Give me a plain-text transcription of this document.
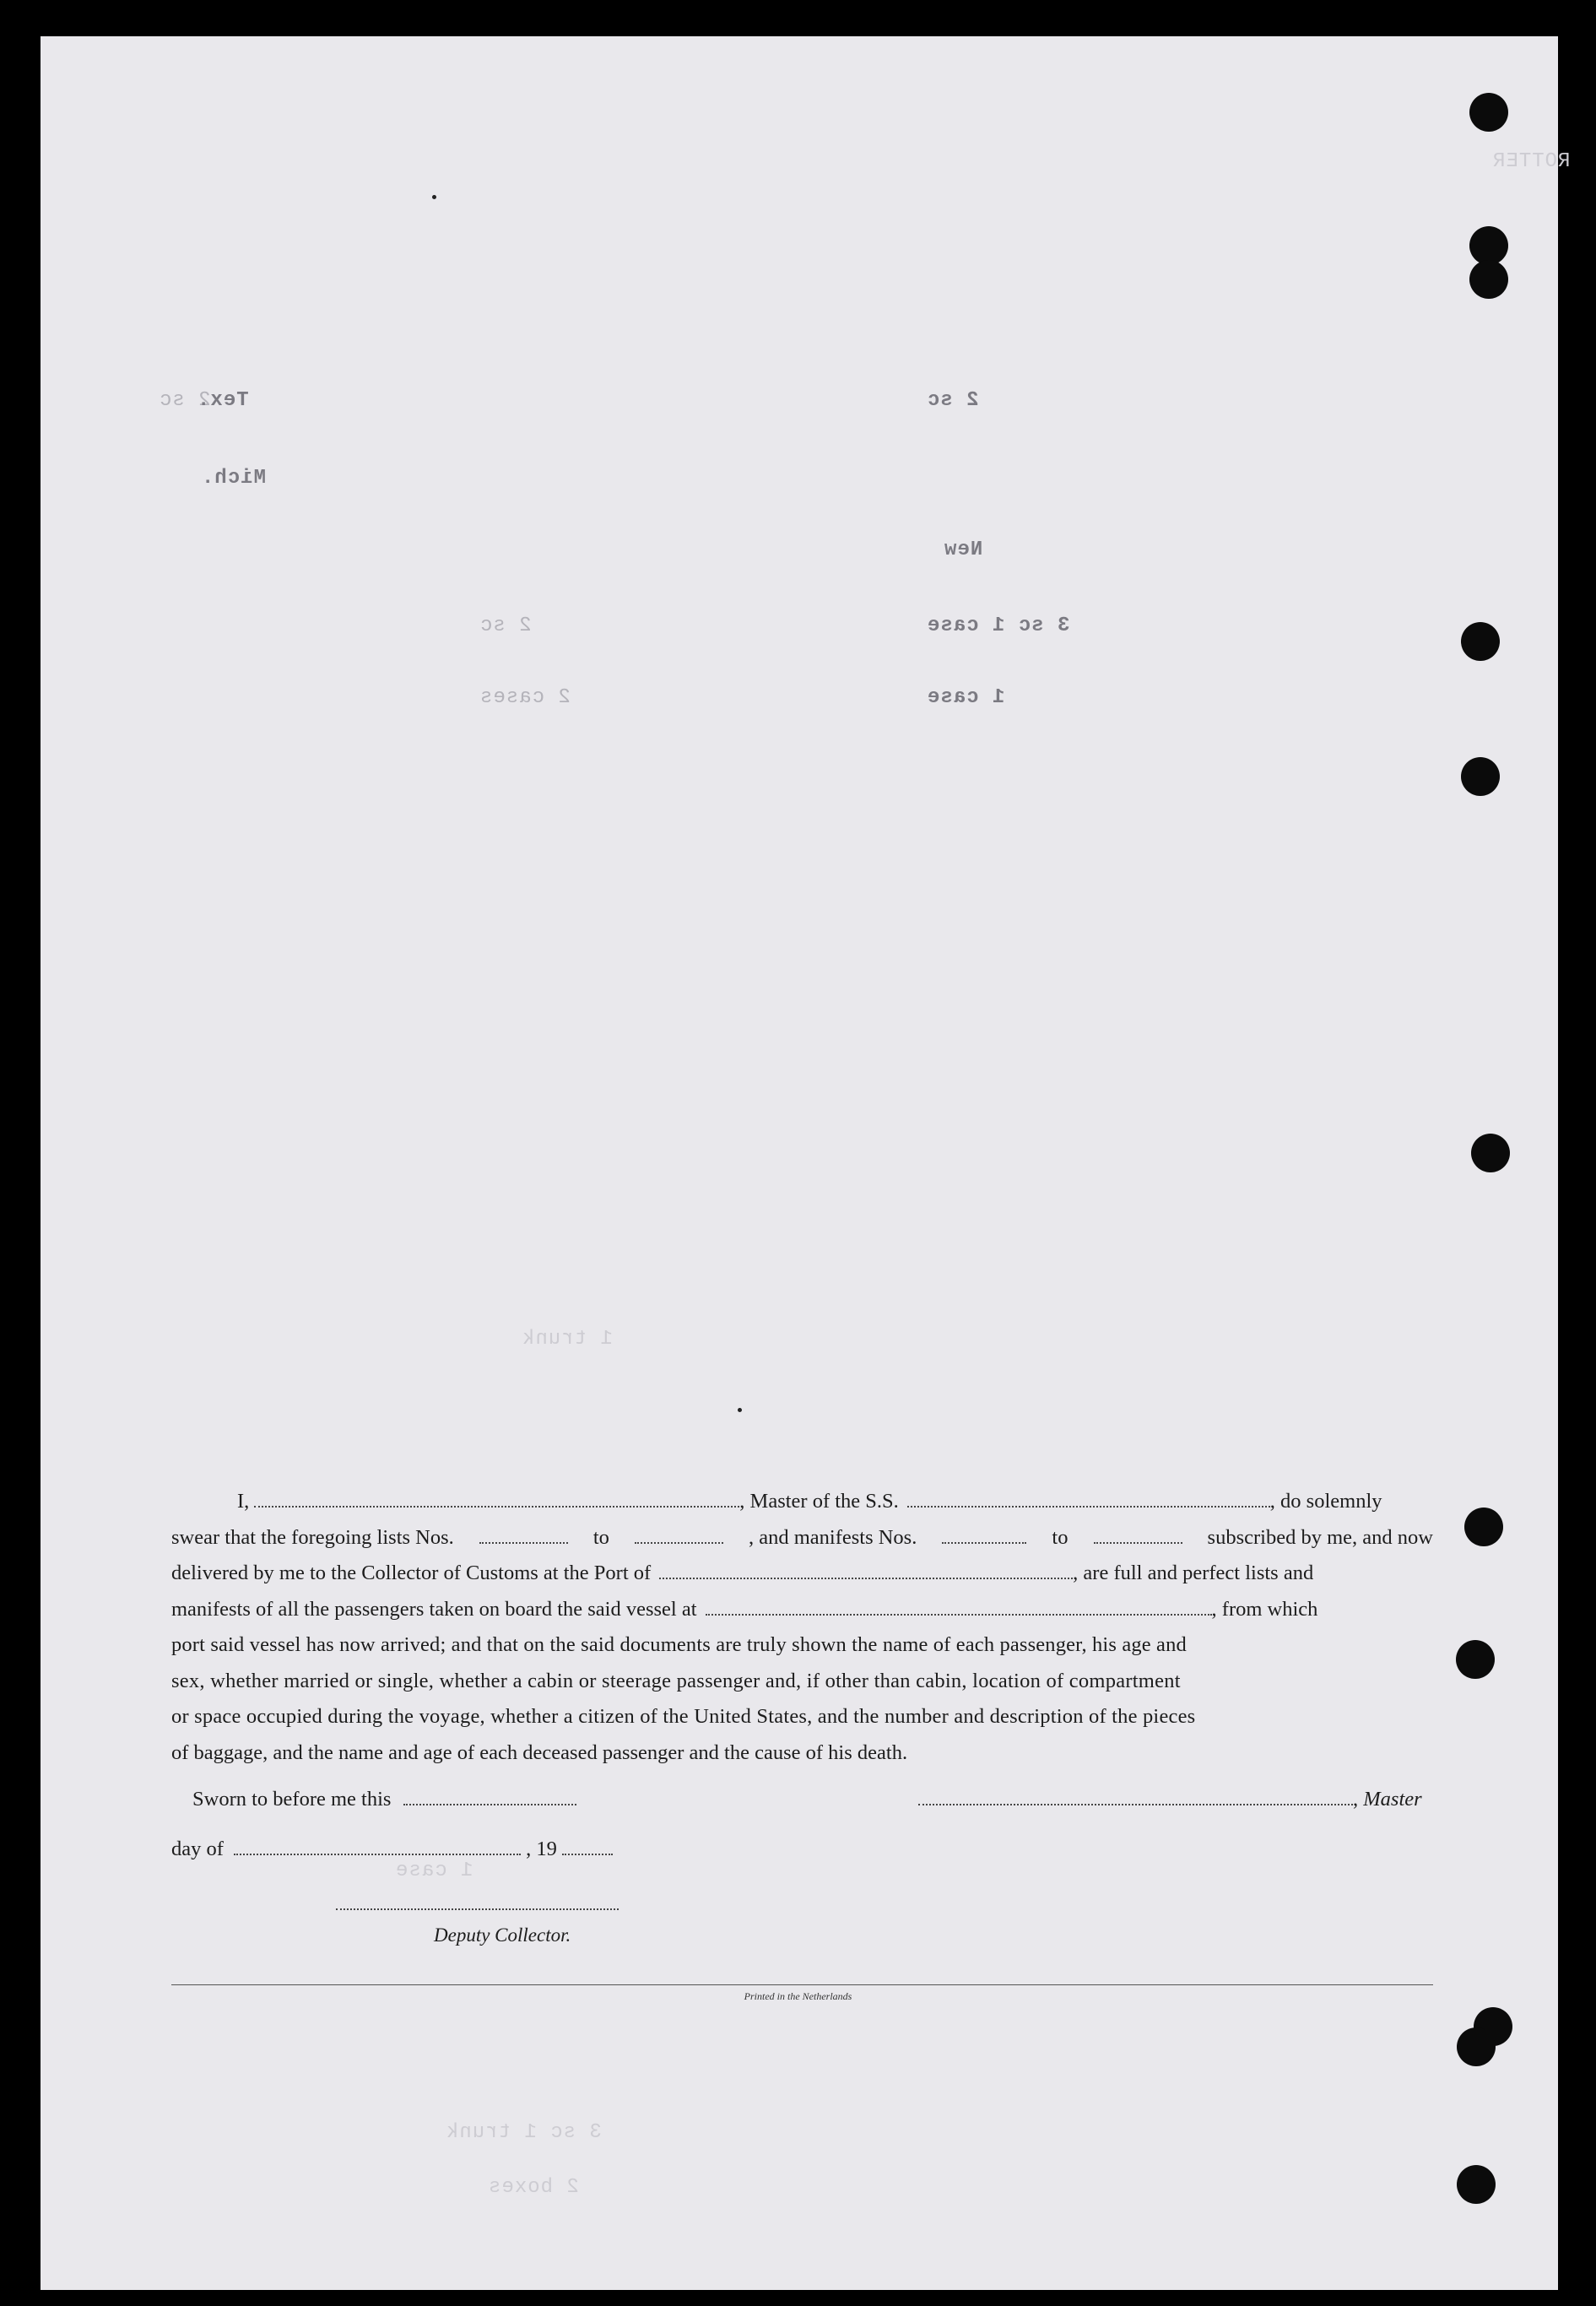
ROTTER
2 sc
Tex.	2 sc
Mich.
New
3 sc 1 case
2 sc
1 case
2 cases
1 trunk
1 case
3 sc 1 trunk
2 boxes
I,	, Master of the S.S.	, do solemnly
swear that the foregoing lists Nos.	to	, and manifests Nos.	to	subscribed by me, and now
delivered by me to the Collector of Customs at the Port of	, are full and perfect lists and
manifests of all the passengers taken on board the said vessel at	, from which
port said vessel has now arrived; and that on the said documents are truly shown the name of each passenger, his age and
sex, whether married or single, whether a cabin or steerage passenger and, if other than cabin, location of compartment
or space occupied during the voyage, whether a citizen of the United States, and the number and description of the pieces
of baggage, and the name and age of each deceased passenger and the cause of his death.
Sworn to before me this	, Master
day of	, 19
Deputy Collector.
Printed in the Netherlands
